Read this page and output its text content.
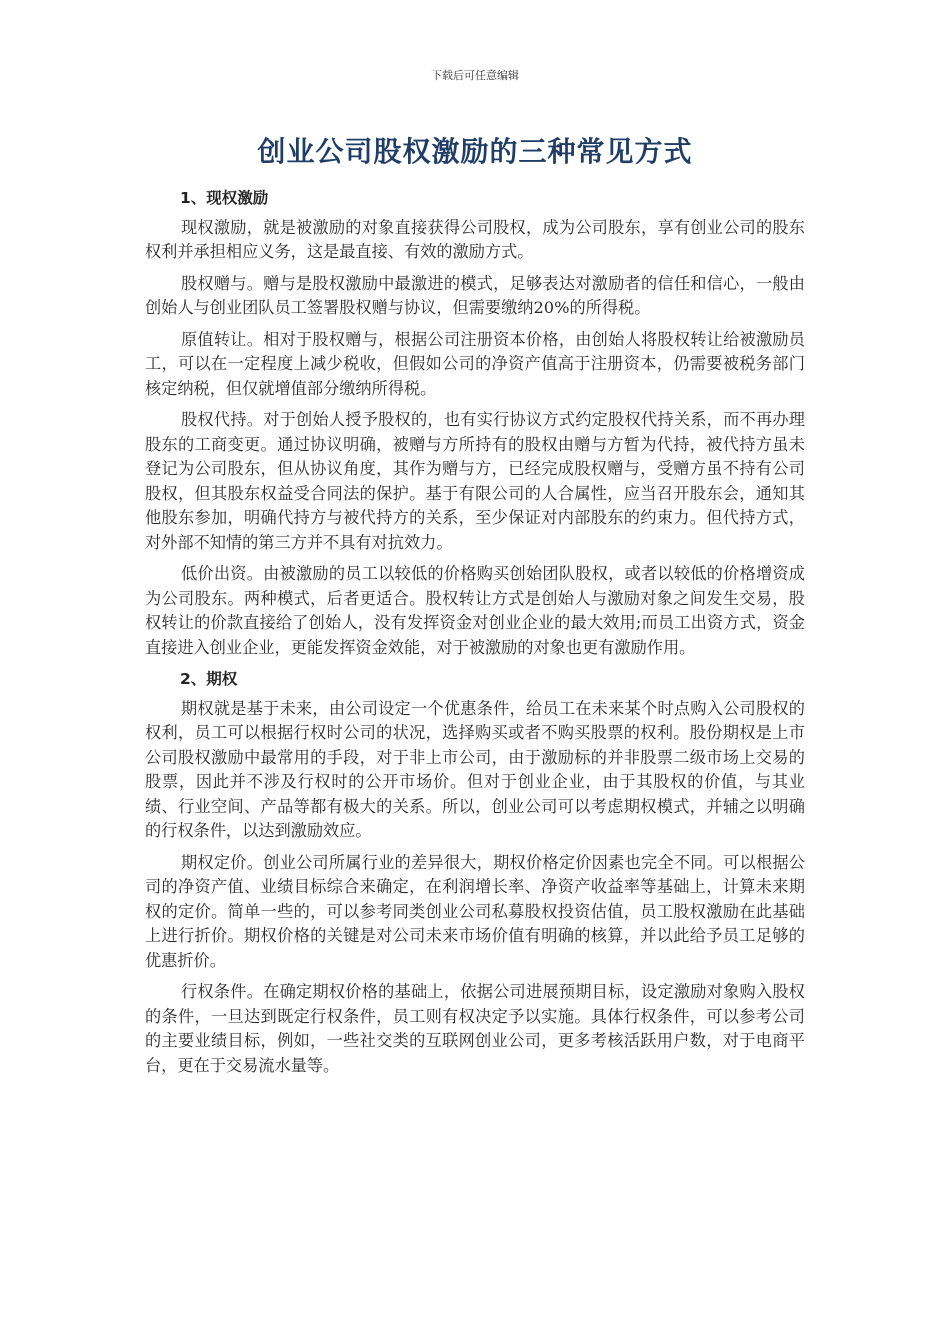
下载后可任意编辑
创业公司股权激励的三种常见方式
1、现权激励

现权激励，就是被激励的对象直接获得公司股权，成为公司股东，享有创业公司的股东权利并承担相应义务，这是最直接、有效的激励方式。

股权赠与。赠与是股权激励中最激进的模式，足够表达对激励者的信任和信心，一般由创始人与创业团队员工签署股权赠与协议，但需要缴纳20%的所得税。

原值转让。相对于股权赠与，根据公司注册资本价格，由创始人将股权转让给被激励员工，可以在一定程度上减少税收，但假如公司的净资产值高于注册资本，仍需要被税务部门核定纳税，但仅就增值部分缴纳所得税。

股权代持。对于创始人授予股权的，也有实行协议方式约定股权代持关系，而不再办理股东的工商变更。通过协议明确，被赠与方所持有的股权由赠与方暂为代持，被代持方虽未登记为公司股东，但从协议角度，其作为赠与方，已经完成股权赠与，受赠方虽不持有公司股权，但其股东权益受合同法的保护。基于有限公司的人合属性，应当召开股东会，通知其他股东参加，明确代持方与被代持方的关系，至少保证对内部股东的约束力。但代持方式，对外部不知情的第三方并不具有对抗效力。

低价出资。由被激励的员工以较低的价格购买创始团队股权，或者以较低的价格增资成为公司股东。两种模式，后者更适合。股权转让方式是创始人与激励对象之间发生交易，股权转让的价款直接给了创始人，没有发挥资金对创业企业的最大效用;而员工出资方式，资金直接进入创业企业，更能发挥资金效能，对于被激励的对象也更有激励作用。

2、期权

期权就是基于未来，由公司设定一个优惠条件，给员工在未来某个时点购入公司股权的权利，员工可以根据行权时公司的状况，选择购买或者不购买股票的权利。股份期权是上市公司股权激励中最常用的手段，对于非上市公司，由于激励标的并非股票二级市场上交易的股票，因此并不涉及行权时的公开市场价。但对于创业企业，由于其股权的价值，与其业绩、行业空间、产品等都有极大的关系。所以，创业公司可以考虑期权模式，并辅之以明确的行权条件，以达到激励效应。

期权定价。创业公司所属行业的差异很大，期权价格定价因素也完全不同。可以根据公司的净资产值、业绩目标综合来确定，在利润增长率、净资产收益率等基础上，计算未来期权的定价。简单一些的，可以参考同类创业公司私募股权投资估值，员工股权激励在此基础上进行折价。期权价格的关键是对公司未来市场价值有明确的核算，并以此给予员工足够的优惠折价。

行权条件。在确定期权价格的基础上，依据公司进展预期目标，设定激励对象购入股权的条件，一旦达到既定行权条件，员工则有权决定予以实施。具体行权条件，可以参考公司的主要业绩目标，例如，一些社交类的互联网创业公司，更多考核活跃用户数，对于电商平台，更在于交易流水量等。
